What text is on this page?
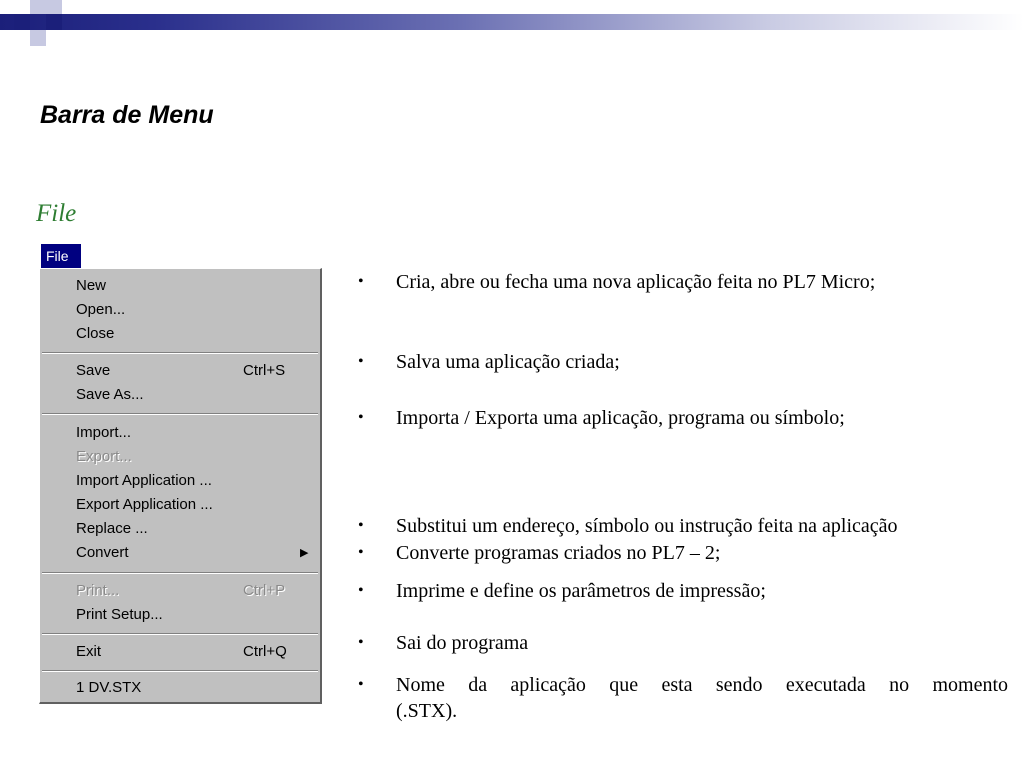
Barra de Menu
File
File
New
Open...
Close
Save	Ctrl+S
Save As...
Import...
Export...
Import Application ...
Export Application ...
Replace ...
Convert	▶
Print...	Ctrl+P
Print Setup...
Exit	Ctrl+Q
1 DV.STX
• Cria, abre ou fecha uma nova aplicação feita no PL7 Micro;
• Salva uma aplicação criada;
• Importa / Exporta uma aplicação, programa ou símbolo;
• Substitui um endereço, símbolo ou instrução feita na aplicação
• Converte programas criados no PL7 – 2;
• Imprime e define os parâmetros de impressão;
• Sai do programa
• Nome da aplicação que esta sendo executada no momento
(.STX).
